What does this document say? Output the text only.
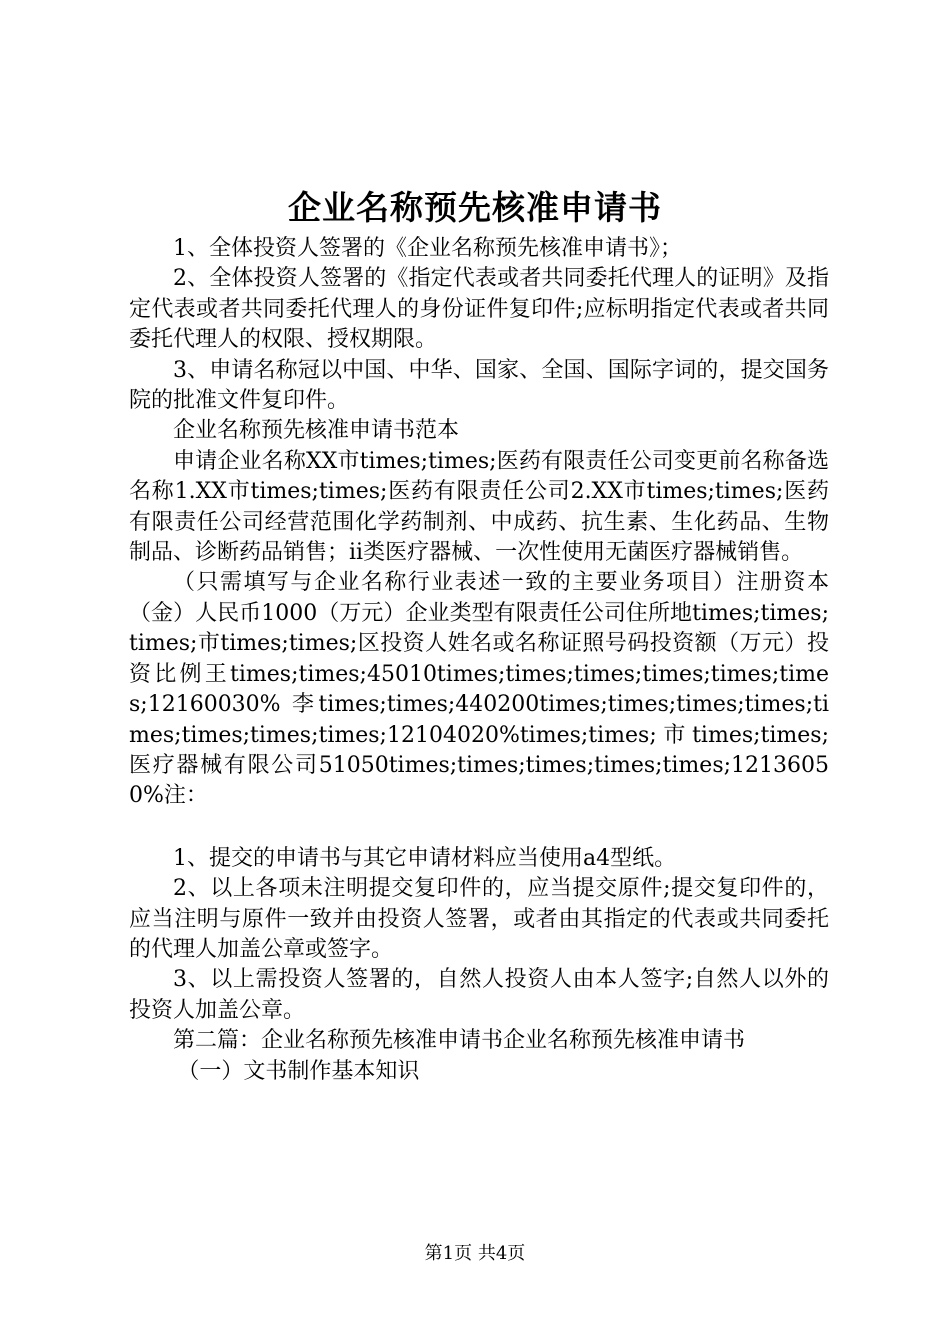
企业名称预先核准申请书

1、全体投资人签署的《企业名称预先核准申请书》；

2、全体投资人签署的《指定代表或者共同委托代理人的证明》及指定代表或者共同委托代理人的身份证件复印件;应标明指定代表或者共同委托代理人的权限、授权期限。

3、申请名称冠以中国、中华、国家、全国、国际字词的，提交国务院的批准文件复印件。

企业名称预先核准申请书范本

申请企业名称XX市times;times;医药有限责任公司变更前名称备选名称1.XX市times;times;医药有限责任公司2.XX市times;times;医药有限责任公司经营范围化学药制剂、中成药、抗生素、生化药品、生物制品、诊断药品销售；ii类医疗器械、一次性使用无菌医疗器械销售。

（只需填写与企业名称行业表述一致的主要业务项目）注册资本（金）人民币1000（万元）企业类型有限责任公司住所地times;times;times;市times;times;区投资人姓名或名称证照号码投资额（万元）投资比例王times;times;45010times;times;times;times;times;times;12160030% 李times;times;440200times;times;times;times;times;times;times;times;12104020%times;times;市times;times;医疗器械有限公司51050times;times;times;times;times;12136050%注：

1、提交的申请书与其它申请材料应当使用a4型纸。

2、以上各项未注明提交复印件的，应当提交原件;提交复印件的，应当注明与原件一致并由投资人签署，或者由其指定的代表或共同委托的代理人加盖公章或签字。

3、以上需投资人签署的，自然人投资人由本人签字;自然人以外的投资人加盖公章。

第二篇：企业名称预先核准申请书企业名称预先核准申请书

（一）文书制作基本知识

第1页 共4页
